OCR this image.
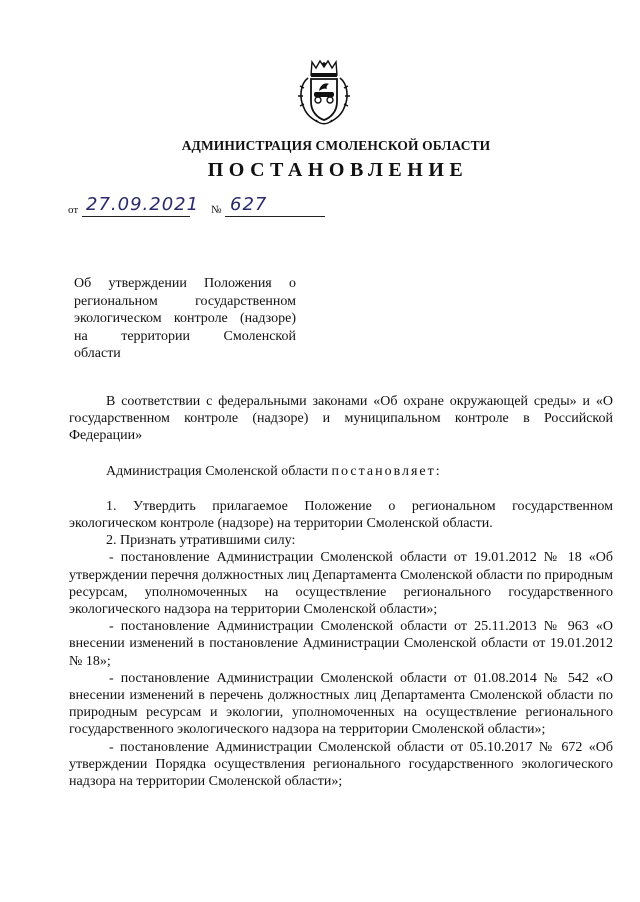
АДМИНИСТРАЦИЯ СМОЛЕНСКОЙ ОБЛАСТИ
ПОСТАНОВЛЕНИЕ
от 27.09.2021 № 627
Об утверждении Положения о
региональном государственном
экологическом контроле (надзоре)
на территории Смоленской
области

В соответствии с федеральными законами «Об охране окружающей среды» и «О государственном контроле (надзоре) и муниципальном контроле в Российской Федерации»

Администрация Смоленской области постановляет:

1. Утвердить прилагаемое Положение о региональном государственном экологическом контроле (надзоре) на территории Смоленской области.

2. Признать утратившими силу:

- постановление Администрации Смоленской области от 19.01.2012 № 18 «Об утверждении перечня должностных лиц Департамента Смоленской области по природным ресурсам, уполномоченных на осуществление регионального государственного экологического надзора на территории Смоленской области»;

- постановление Администрации Смоленской области от 25.11.2013 № 963 «О внесении изменений в постановление Администрации Смоленской области от 19.01.2012 № 18»;

- постановление Администрации Смоленской области от 01.08.2014 № 542 «О внесении изменений в перечень должностных лиц Департамента Смоленской области по природным ресурсам и экологии, уполномоченных на осуществление регионального государственного экологического надзора на территории Смоленской области»;

- постановление Администрации Смоленской области от 05.10.2017 № 672 «Об утверждении Порядка осуществления регионального государственного экологического надзора на территории Смоленской области»;
